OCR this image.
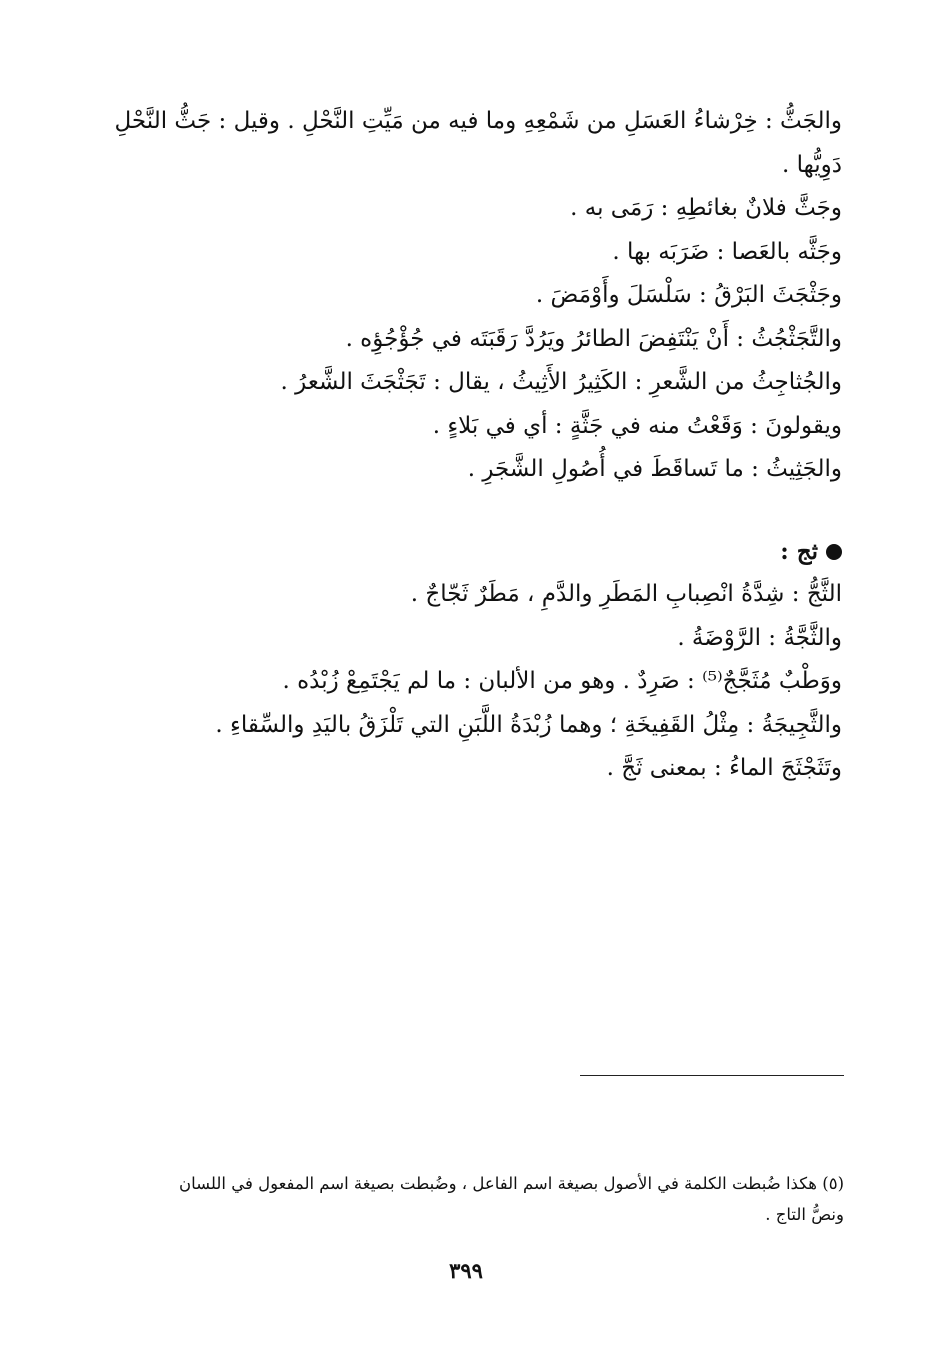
والجَثُّ : خِرْشاءُ العَسَلِ من شَمْعِهِ وما فيه من مَيِّتِ النَّحْلِ . وقيل : جَثُّ النَّحْلِ دَوِيُّها .

وجَثَّ فلانٌ بغائطِهِ : رَمَى به .

وجَثَّه بالعَصا : ضَرَبَه بها .

وجَثْجَثَ البَرْقُ : سَلْسَلَ وأَوْمَضَ .

والتَّجَثْجُثُ : أَنْ يَنْتَفِضَ الطائرُ ويَرُدَّ رَقَبَتَه في جُؤْجُؤِه .

والجُثاجِثُ من الشَّعرِ : الكَثِيرُ الأَثِيثُ ، يقال : تَجَثْجَثَ الشَّعرُ .

ويقولونَ : وَقَعْتُ منه في جَثَّةٍ : أي في بَلاءٍ .

والجَثِيثُ : ما تَساقَطَ في أُصُولِ الشَّجَرِ .

ثج :

الثَّجُّ : شِدَّةُ انْصِبابِ المَطَرِ والدَّمِ ، مَطَرٌ ثَجّاجٌ .

والثَّجَّةُ : الرَّوْضَةُ .

ووَطْبٌ مُثَجَّجٌ⁽⁵⁾ : صَرِدٌ . وهو من الألبان : ما لم يَجْتَمِعْ زُبْدُه .

والثَّجِيجَةُ : مِثْلُ القَفِيخَةِ ؛ وهما زُبْدَةُ اللَّبَنِ التي تَلْزَقُ باليَدِ والسِّقاءِ .

وتَثَجْثَجَ الماءُ : بمعنى ثَجَّ .

(٥) هكذا ضُبطت الكلمة في الأصول بصيغة اسم الفاعل ، وضُبطت بصيغة اسم المفعول في اللسان

ونصُّ التاج .

٣٩٩
